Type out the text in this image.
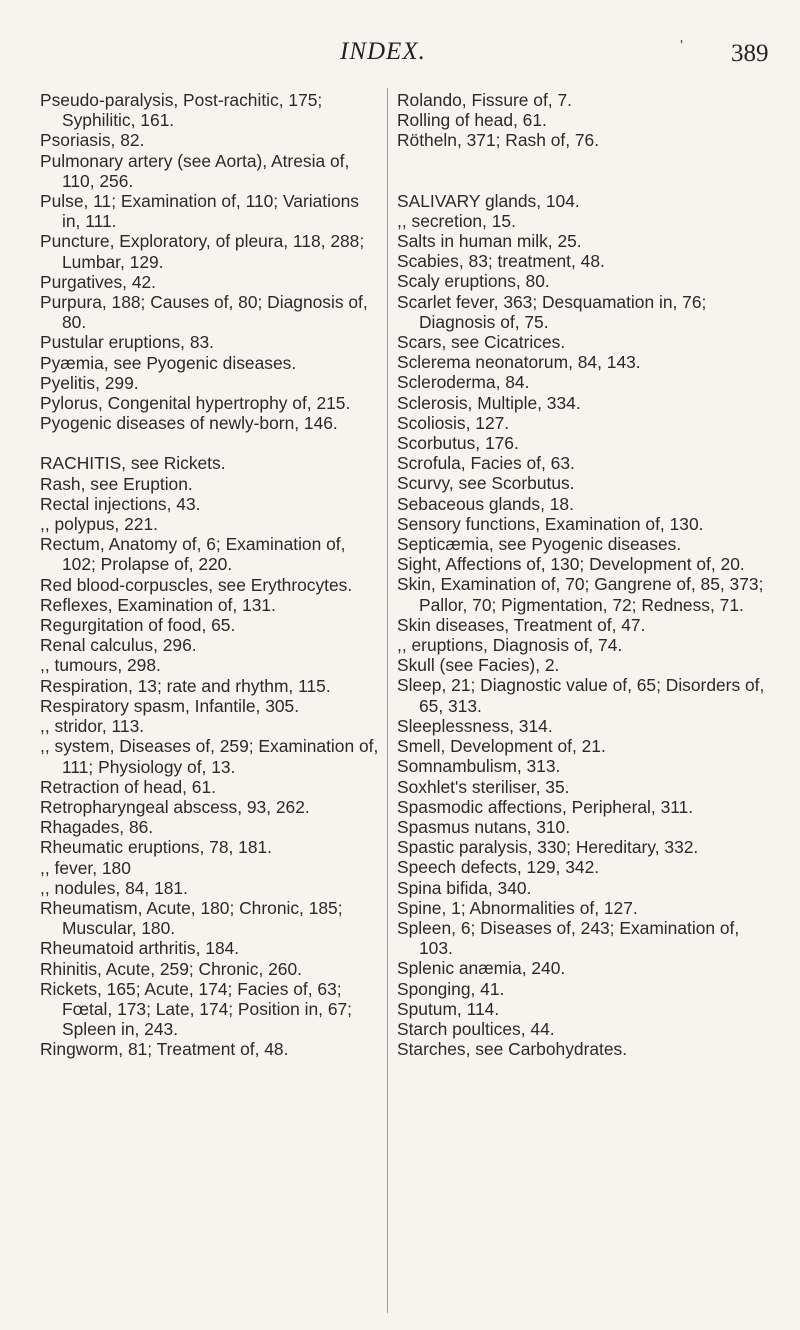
INDEX.	' 389

Pseudo-paralysis, Post-rachitic, 175; Syphilitic, 161.

Psoriasis, 82.

Pulmonary artery (see Aorta), Atresia of, 110, 256.

Pulse, 11; Examination of, 110; Variations in, 111.

Puncture, Exploratory, of pleura, 118, 288; Lumbar, 129.

Purgatives, 42.

Purpura, 188; Causes of, 80; Diagnosis of, 80.

Pustular eruptions, 83.

Pyæmia, see Pyogenic diseases.

Pyelitis, 299.

Pylorus, Congenital hypertrophy of, 215.

Pyogenic diseases of newly-born, 146.

RACHITIS, see Rickets.

Rash, see Eruption.

Rectal injections, 43.

,, polypus, 221.

Rectum, Anatomy of, 6; Examination of, 102; Prolapse of, 220.

Red blood-corpuscles, see Erythrocytes.

Reflexes, Examination of, 131.

Regurgitation of food, 65.

Renal calculus, 296.

,, tumours, 298.

Respiration, 13; rate and rhythm, 115.

Respiratory spasm, Infantile, 305.

,, stridor, 113.

,, system, Diseases of, 259; Examination of, 111; Physiology of, 13.

Retraction of head, 61.

Retropharyngeal abscess, 93, 262.

Rhagades, 86.

Rheumatic eruptions, 78, 181.

,, fever, 180

,, nodules, 84, 181.

Rheumatism, Acute, 180; Chronic, 185; Muscular, 180.

Rheumatoid arthritis, 184.

Rhinitis, Acute, 259; Chronic, 260.

Rickets, 165; Acute, 174; Facies of, 63; Fœtal, 173; Late, 174; Position in, 67; Spleen in, 243.

Ringworm, 81; Treatment of, 48.

Rolando, Fissure of, 7.

Rolling of head, 61.

Rötheln, 371; Rash of, 76.

SALIVARY glands, 104.

,, secretion, 15.

Salts in human milk, 25.

Scabies, 83; treatment, 48.

Scaly eruptions, 80.

Scarlet fever, 363; Desquamation in, 76; Diagnosis of, 75.

Scars, see Cicatrices.

Sclerema neonatorum, 84, 143.

Scleroderma, 84.

Sclerosis, Multiple, 334.

Scoliosis, 127.

Scorbutus, 176.

Scrofula, Facies of, 63.

Scurvy, see Scorbutus.

Sebaceous glands, 18.

Sensory functions, Examination of, 130.

Septicæmia, see Pyogenic diseases.

Sight, Affections of, 130; Development of, 20.

Skin, Examination of, 70; Gangrene of, 85, 373; Pallor, 70; Pigmentation, 72; Redness, 71.

Skin diseases, Treatment of, 47.

,, eruptions, Diagnosis of, 74.

Skull (see Facies), 2.

Sleep, 21; Diagnostic value of, 65; Disorders of, 65, 313.

Sleeplessness, 314.

Smell, Development of, 21.

Somnambulism, 313.

Soxhlet's steriliser, 35.

Spasmodic affections, Peripheral, 311.

Spasmus nutans, 310.

Spastic paralysis, 330; Hereditary, 332.

Speech defects, 129, 342.

Spina bifida, 340.

Spine, 1; Abnormalities of, 127.

Spleen, 6; Diseases of, 243; Examination of, 103.

Splenic anæmia, 240.

Sponging, 41.

Sputum, 114.

Starch poultices, 44.

Starches, see Carbohydrates.
